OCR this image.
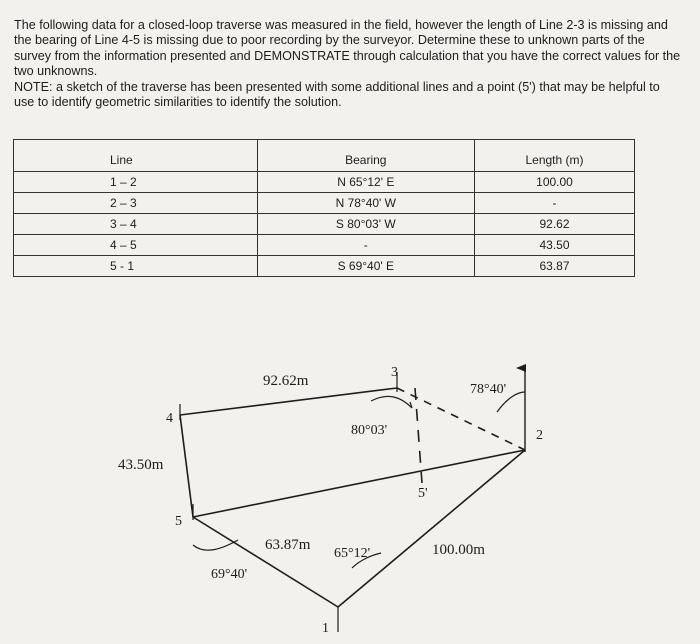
The following data for a closed-loop traverse was measured in the field, however the length of Line 2-3 is missing and the bearing of Line 4-5 is missing due to poor recording by the surveyor. Determine these to unknown parts of the survey from the information presented and DEMONSTRATE through calculation that you have the correct values for the two unknowns.

NOTE: a sketch of the traverse has been presented with some additional lines and a point (5') that may be helpful to use to identify geometric similarities to identify the solution.

Line	Bearing	Length (m)
1 – 2	N 65°12' E	100.00
2 – 3	N 78°40' W	-
3 – 4	S 80°03' W	92.62
4 – 5	-	43.50
5 - 1	S 69°40' E	63.87
3
4
5
5'
2
1
92.62m
43.50m
63.87m	100.00m
80°03'
78°40'
69°40'
65°12'
